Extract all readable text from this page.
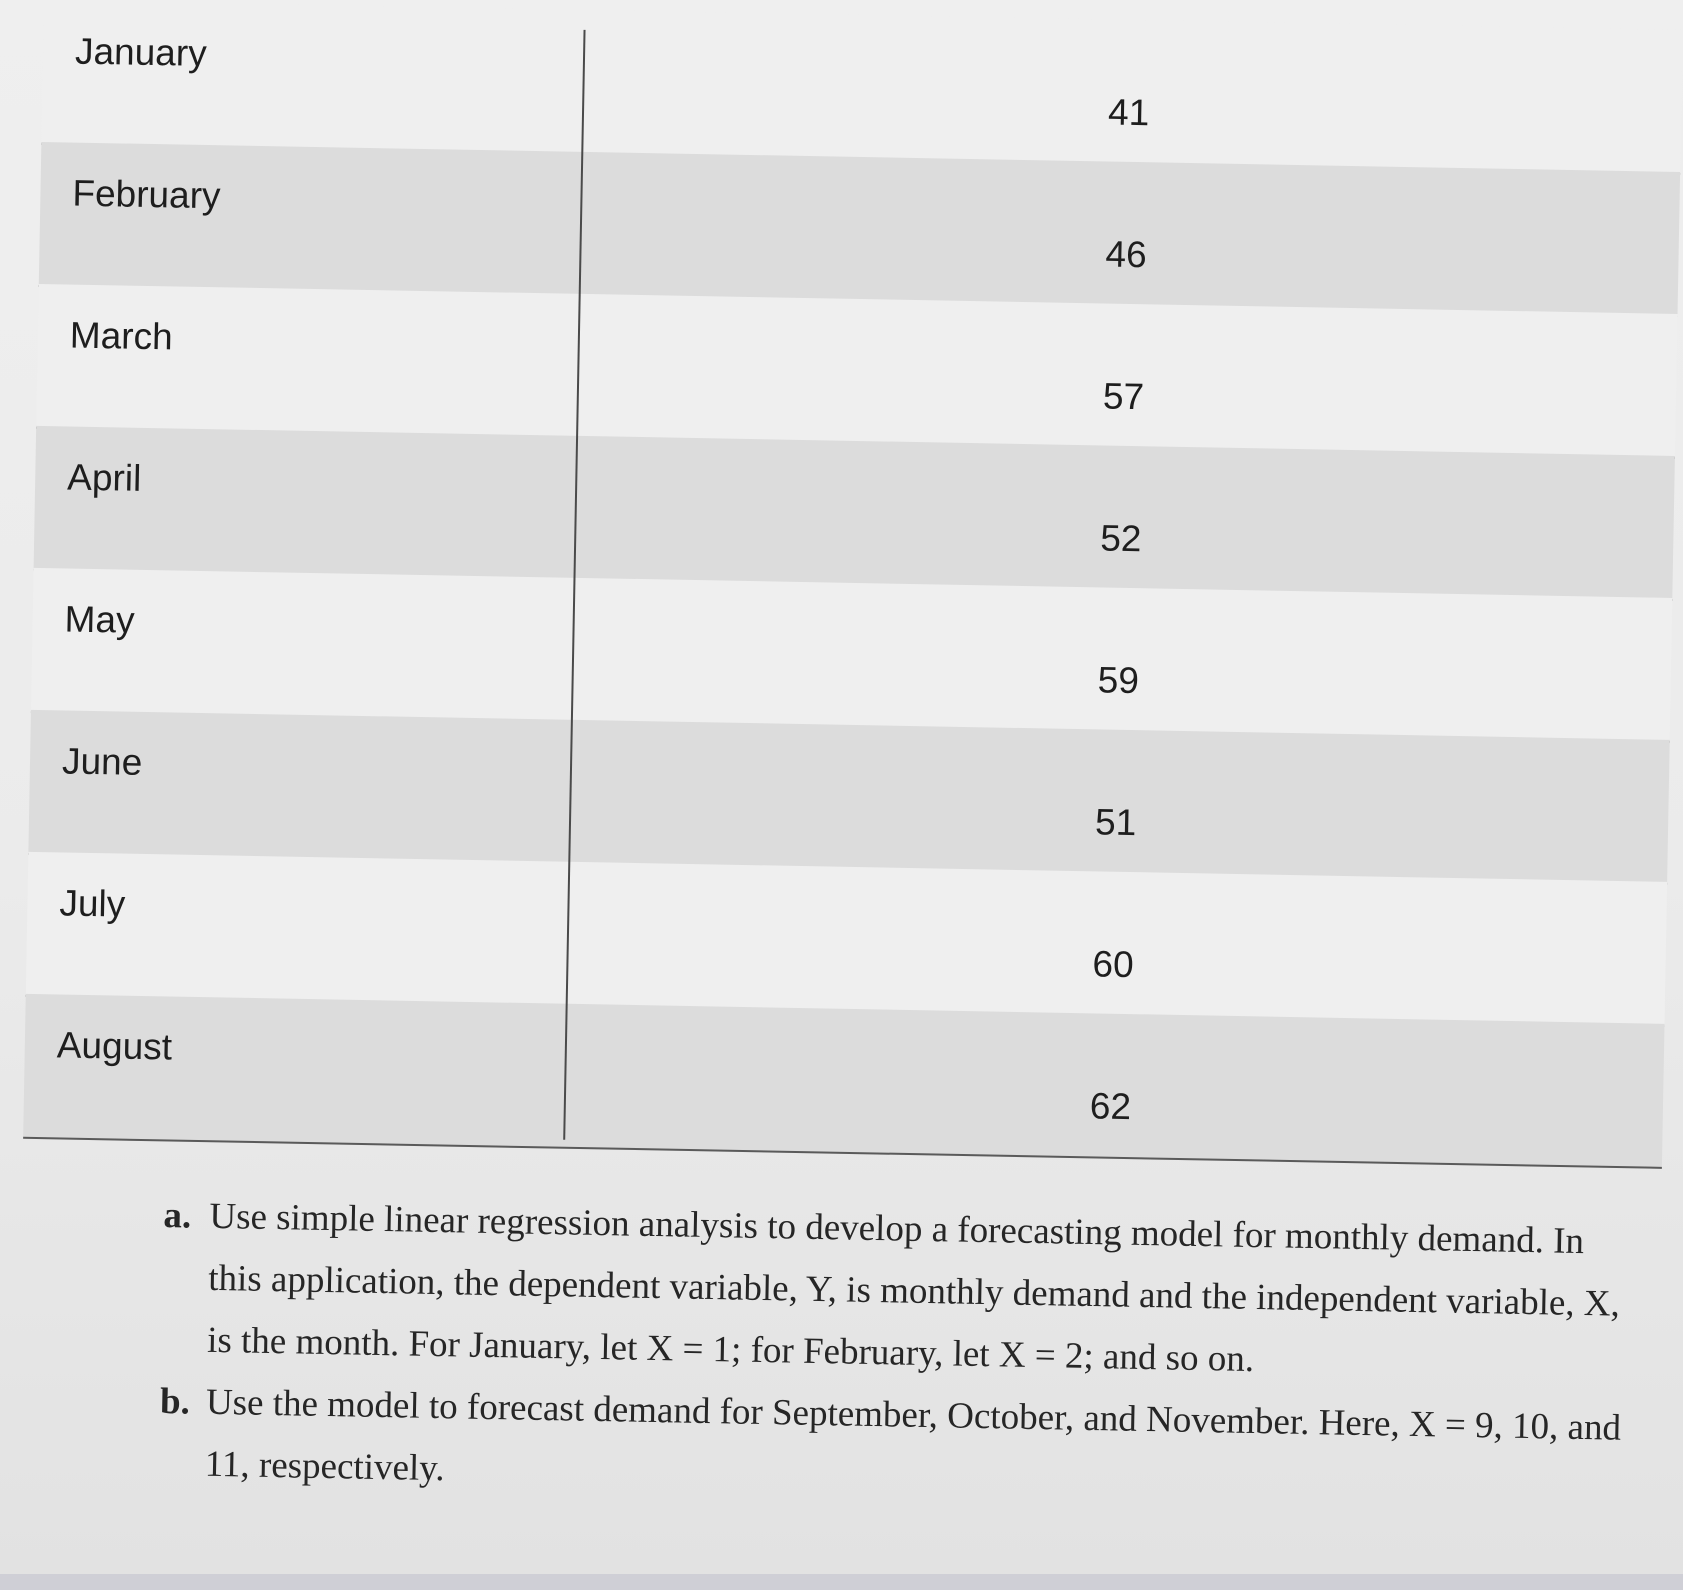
January
41
February
46
March
57
April
52
May
59
June
51
July
60
August
62
a. Use simple linear regression analysis to develop a forecasting model for monthly demand. In this application, the dependent variable, Y, is monthly demand and the independent variable, X, is the month. For January, let X = 1; for February, let X = 2; and so on.
b. Use the model to forecast demand for September, October, and November. Here, X = 9, 10, and 11, respectively.
